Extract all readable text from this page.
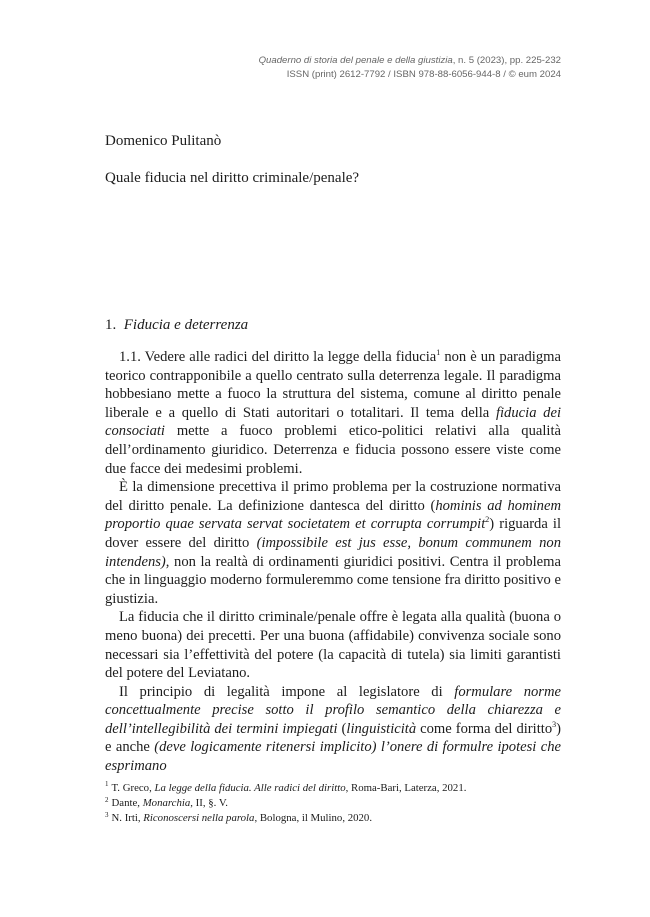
Quaderno di storia del penale e della giustizia, n. 5 (2023), pp. 225-232
ISSN (print) 2612-7792 / ISBN 978-88-6056-944-8 / © eum 2024
Domenico Pulitanò
Quale fiducia nel diritto criminale/penale?
1. Fiducia e deterrenza

1.1. Vedere alle radici del diritto la legge della fiducia$^1$ non è un paradigma teorico contrapponibile a quello centrato sulla deterrenza legale. Il paradigma hobbesiano mette a fuoco la struttura del sistema, comune al diritto penale liberale e a quello di Stati autoritari o totalitari. Il tema della fiducia dei consociati mette a fuoco problemi etico-politici relativi alla qualità dell’ordinamento giuridico. Deterrenza e fiducia possono essere viste come due facce dei medesimi problemi.

È la dimensione precettiva il primo problema per la costruzione normativa del diritto penale. La definizione dantesca del diritto (hominis ad hominem proportio quae servata servat societatem et corrupta corrumpit$^2$) riguarda il dover essere del diritto (impossibile est jus esse, bonum communem non intendens), non la realtà di ordinamenti giuridici positivi. Centra il problema che in linguaggio moderno formuleremmo come tensione fra diritto positivo e giustizia.

La fiducia che il diritto criminale/penale offre è legata alla qualità (buona o meno buona) dei precetti. Per una buona (affidabile) convivenza sociale sono necessari sia l’effettività del potere (la capacità di tutela) sia limiti garantisti del potere del Leviatano.

Il principio di legalità impone al legislatore di formulare norme concettualmente precise sotto il profilo semantico della chiarezza e dell’intellegibilità dei termini impiegati (linguisticità come forma del diritto$^3$) e anche (deve logicamente ritenersi implicito) l’onere di formulre ipotesi che esprimano

$^1$ T. Greco, La legge della fiducia. Alle radici del diritto, Roma-Bari, Laterza, 2021.
$^2$ Dante, Monarchia, II, §. V.
$^3$ N. Irti, Riconoscersi nella parola, Bologna, il Mulino, 2020.
